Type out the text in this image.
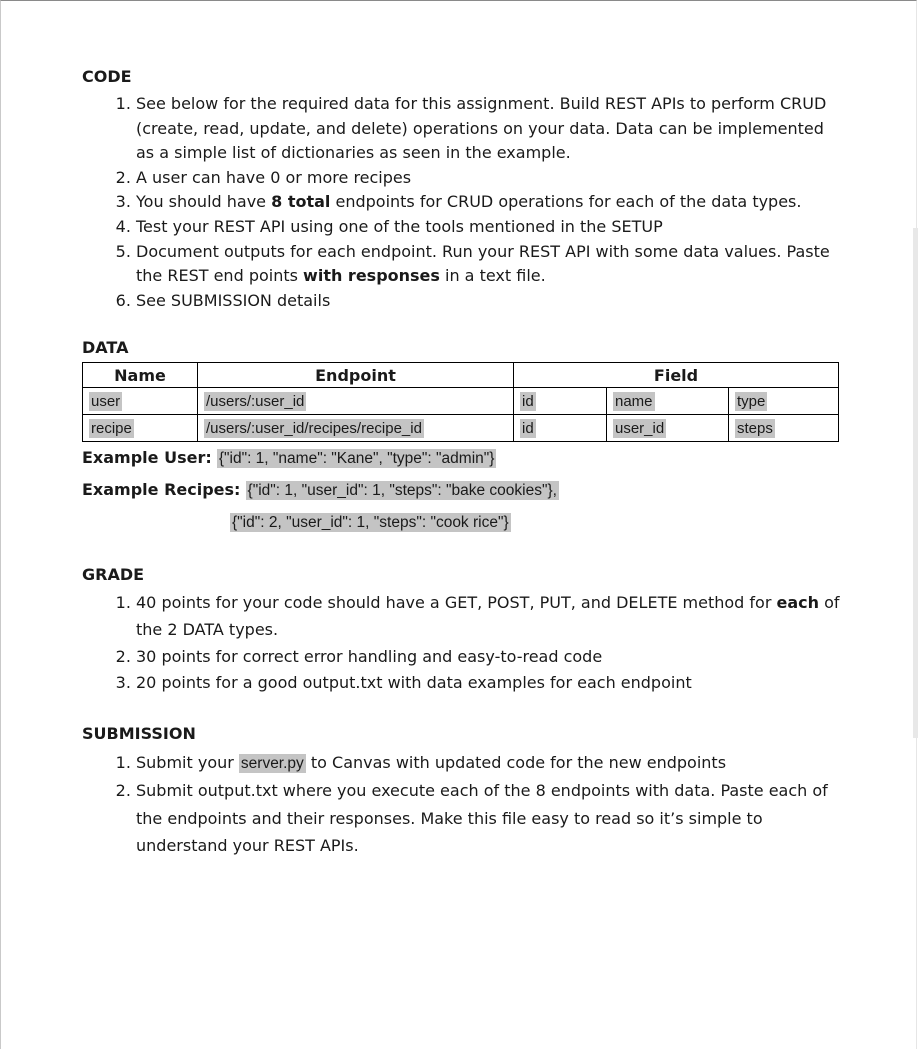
CODE

1. See below for the required data for this assignment. Build REST APIs to perform CRUD (create, read, update, and delete) operations on your data. Data can be implemented as a simple list of dictionaries as seen in the example.
2. A user can have 0 or more recipes
3. You should have 8 total endpoints for CRUD operations for each of the data types.
4. Test your REST API using one of the tools mentioned in the SETUP
5. Document outputs for each endpoint. Run your REST API with some data values. Paste the REST end points with responses in a text file.
6. See SUBMISSION details

DATA

Name	Endpoint	Field		
user	/users/:user_id	id	name	type
recipe	/users/:user_id/recipes/recipe_id	id	user_id	steps

Example User: {"id": 1, "name": "Kane", "type": "admin"}

Example Recipes: {"id": 1, "user_id": 1, "steps": "bake cookies"},

{"id": 2, "user_id": 1, "steps": "cook rice"}

GRADE

1. 40 points for your code should have a GET, POST, PUT, and DELETE method for each of the 2 DATA types.
2. 30 points for correct error handling and easy-to-read code
3. 20 points for a good output.txt with data examples for each endpoint

SUBMISSION

1. Submit your server.py to Canvas with updated code for the new endpoints
2. Submit output.txt where you execute each of the 8 endpoints with data. Paste each of the endpoints and their responses. Make this file easy to read so it’s simple to understand your REST APIs.
